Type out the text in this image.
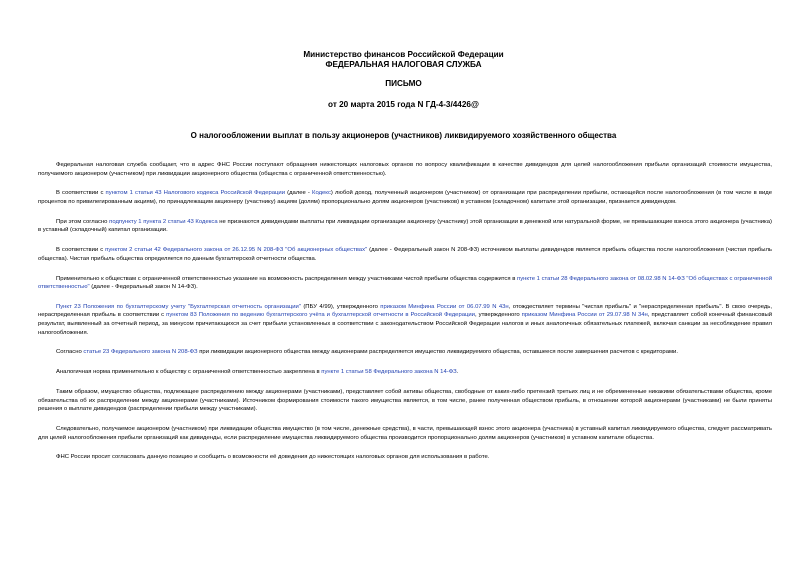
Министерство финансов Российской Федерации
ФЕДЕРАЛЬНАЯ НАЛОГОВАЯ СЛУЖБА
ПИСЬМО
от 20 марта 2015 года N ГД-4-3/4426@
О налогообложении выплат в пользу акционеров (участников) ликвидируемого хозяйственного общества

Федеральная налоговая служба сообщает, что в адрес ФНС России поступают обращения нижестоящих налоговых органов по вопросу квалификации в качестве дивидендов для целей налогообложения прибыли организаций стоимости имущества, получаемого акционером (участником) при ликвидации акционерного общества (общества с ограниченной ответственностью).

В соответствии с пунктом 1 статьи 43 Налогового кодекса Российской Федерации (далее - Кодекс) любой доход, полученный акционером (участником) от организации при распределении прибыли, остающейся после налогообложения (в том числе в виде процентов по привилегированным акциям), по принадлежащим акционеру (участнику) акциям (долям) пропорционально долям акционеров (участников) в уставном (складочном) капитале этой организации, признается дивидендом.

При этом согласно подпункту 1 пункта 2 статьи 43 Кодекса не признаются дивидендами выплаты при ликвидации организации акционеру (участнику) этой организации в денежной или натуральной форме, не превышающие взноса этого акционера (участника) в уставный (складочный) капитал организации.

В соответствии с пунктом 2 статьи 42 Федерального закона от 26.12.95 N 208-ФЗ "Об акционерных обществах" (далее - Федеральный закон N 208-ФЗ) источником выплаты дивидендов является прибыль общества после налогообложения (чистая прибыль общества). Чистая прибыль общества определяется по данным бухгалтерской отчетности общества.

Применительно к обществам с ограниченной ответственностью указание на возможность распределения между участниками чистой прибыли общества содержится в пункте 1 статьи 28 Федерального закона от 08.02.98 N 14-ФЗ "Об обществах с ограниченной ответственностью" (далее - Федеральный закон N 14-ФЗ).

Пункт 23 Положения по бухгалтерскому учету "Бухгалтерская отчетность организации" (ПБУ 4/99), утвержденного приказом Минфина России от 06.07.99 N 43н, отождествляет термины "чистая прибыль" и "нераспределенная прибыль". В свою очередь, нераспределенная прибыль в соответствии с пунктом 83 Положения по ведению бухгалтерского учёта и бухгалтерской отчетности в Российской Федерации, утвержденного приказом Минфина России от 29.07.98 N 34н, представляет собой конечный финансовый результат, выявленный за отчетный период, за минусом причитающихся за счет прибыли установленных в соответствии с законодательством Российской Федерации налогов и иных аналогичных обязательных платежей, включая санкции за несоблюдение правил налогообложения.

Согласно статье 23 Федерального закона N 208-ФЗ при ликвидации акционерного общества между акционерами распределяется имущество ликвидируемого общества, оставшееся после завершения расчетов с кредиторами.

Аналогичная норма применительно к обществу с ограниченной ответственностью закреплена в пункте 1 статьи 58 Федерального закона N 14-ФЗ.

Таким образом, имущество общества, подлежащее распределению между акционерами (участниками), представляет собой активы общества, свободные от каких-либо претензий третьих лиц и не обремененные никакими обязательствами общества, кроме обязательства об их распределении между акционерами (участниками). Источником формирования стоимости такого имущества является, в том числе, ранее полученная обществом прибыль, в отношении которой акционерами (участниками) не были приняты решения о выплате дивидендов (распределении прибыли между участниками).

Следовательно, получаемое акционером (участником) при ликвидации общества имущество (в том числе, денежные средства), в части, превышающей взнос этого акционера (участника) в уставный капитал ликвидируемого общества, следует рассматривать для целей налогообложения прибыли организаций как дивиденды, если распределение имущества ликвидируемого общества производится пропорционально долям акционеров (участников) в уставном капитале общества.

ФНС России просит согласовать данную позицию и сообщить о возможности её доведения до нижестоящих налоговых органов для использования в работе.
